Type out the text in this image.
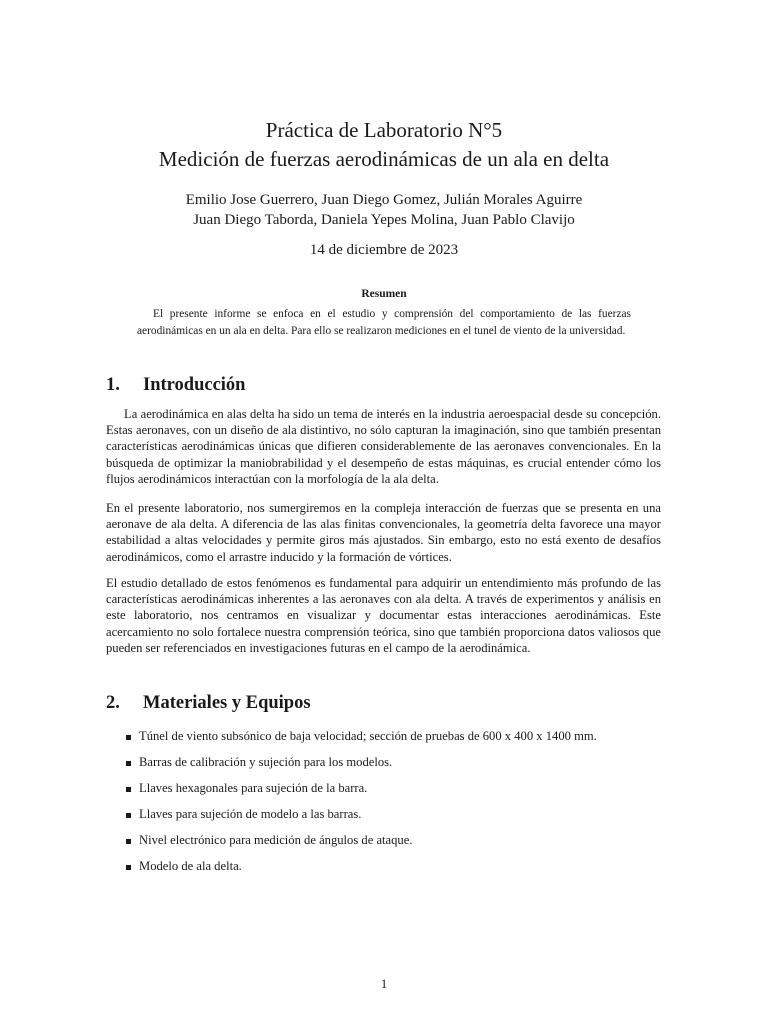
Práctica de Laboratorio N°5
Medición de fuerzas aerodinámicas de un ala en delta
Emilio Jose Guerrero, Juan Diego Gomez, Julián Morales Aguirre
Juan Diego Taborda, Daniela Yepes Molina, Juan Pablo Clavijo
14 de diciembre de 2023
Resumen
El presente informe se enfoca en el estudio y comprensión del comportamiento de las fuerzas aerodinámicas en un ala en delta. Para ello se realizaron mediciones en el tunel de viento de la universidad.
1. Introducción

La aerodinámica en alas delta ha sido un tema de interés en la industria aeroespacial desde su concepción. Estas aeronaves, con un diseño de ala distintivo, no sólo capturan la imaginación, sino que también presentan características aerodinámicas únicas que difieren considerablemente de las aeronaves convencionales. En la búsqueda de optimizar la maniobrabilidad y el desempeño de estas máquinas, es crucial entender cómo los flujos aerodinámicos interactúan con la morfología de la ala delta.

En el presente laboratorio, nos sumergiremos en la compleja interacción de fuerzas que se presenta en una aeronave de ala delta. A diferencia de las alas finitas convencionales, la geometría delta favorece una mayor estabilidad a altas velocidades y permite giros más ajustados. Sin embargo, esto no está exento de desafíos aerodinámicos, como el arrastre inducido y la formación de vórtices.

El estudio detallado de estos fenómenos es fundamental para adquirir un entendimiento más profundo de las características aerodinámicas inherentes a las aeronaves con ala delta. A través de experimentos y análisis en este laboratorio, nos centramos en visualizar y documentar estas interacciones aerodinámicas. Este acercamiento no solo fortalece nuestra comprensión teórica, sino que también proporciona datos valiosos que pueden ser referenciados en investigaciones futuras en el campo de la aerodinámica.

2. Materiales y Equipos
Túnel de viento subsónico de baja velocidad; sección de pruebas de 600 x 400 x 1400 mm.
Barras de calibración y sujeción para los modelos.
Llaves hexagonales para sujeción de la barra.
Llaves para sujeción de modelo a las barras.
Nivel electrónico para medición de ángulos de ataque.
Modelo de ala delta.
1
